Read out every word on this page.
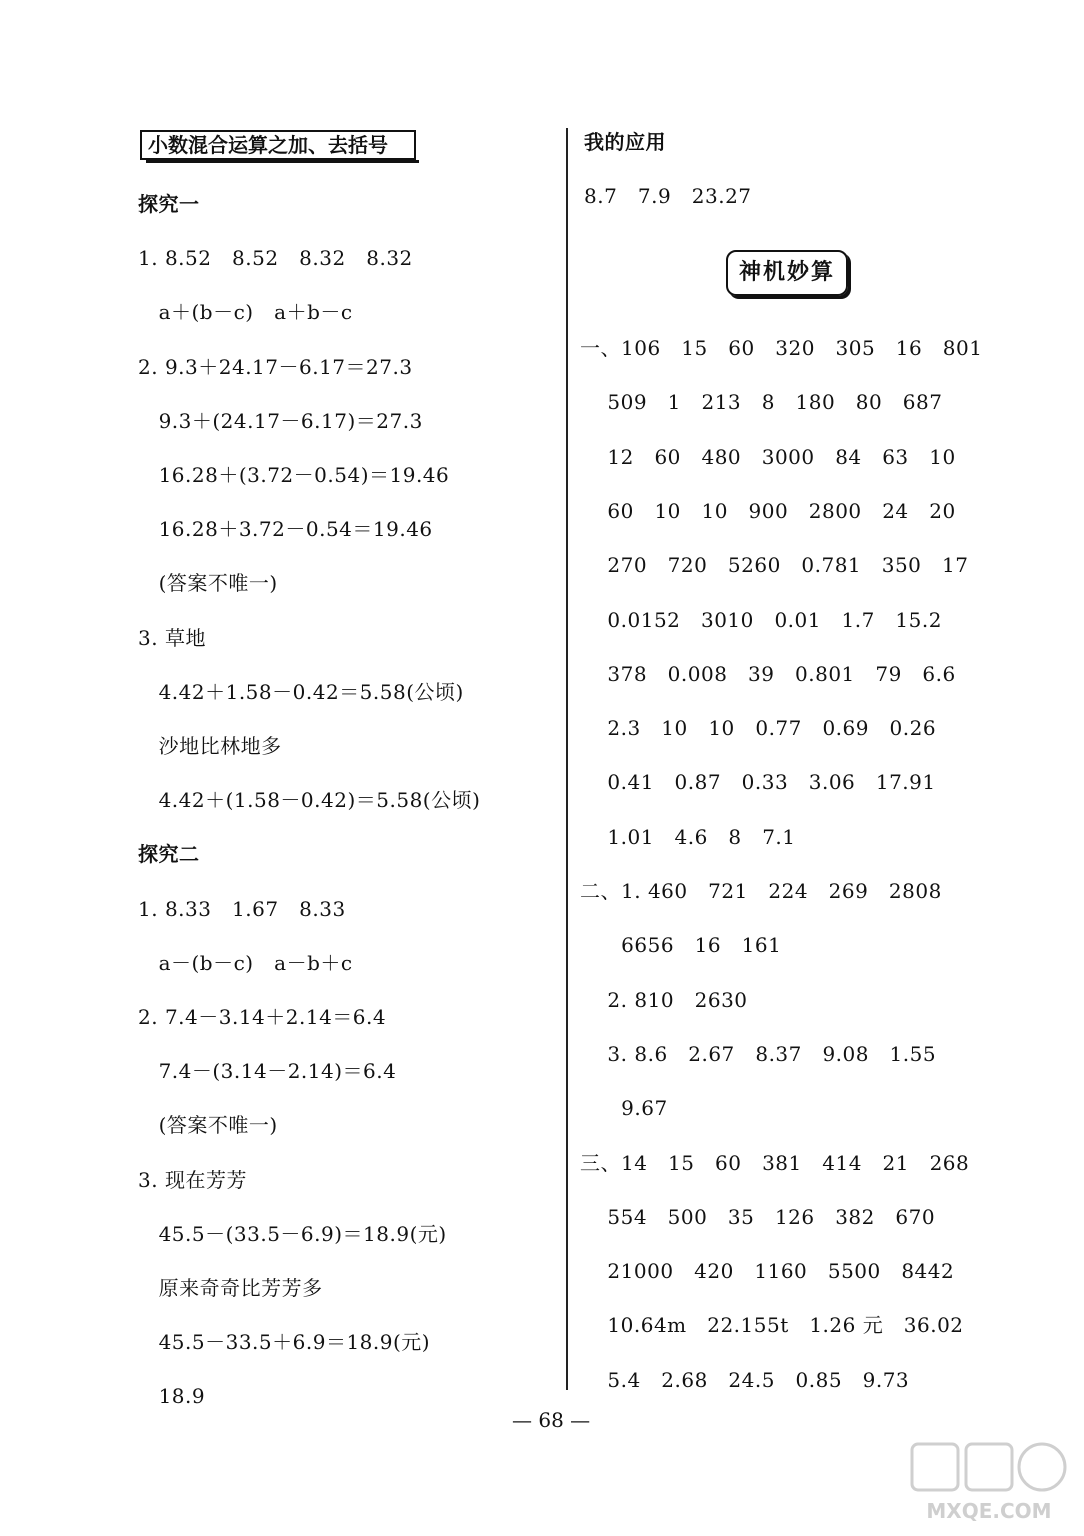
小数混合运算之加、去括号
探究一
1. 8.52   8.52   8.32   8.32
a＋(b－c)   a＋b－c
2. 9.3＋24.17－6.17＝27.3
9.3＋(24.17－6.17)＝27.3
16.28＋(3.72－0.54)＝19.46
16.28＋3.72－0.54＝19.46
(答案不唯一)
3. 草地
4.42＋1.58－0.42＝5.58(公顷)
沙地比林地多
4.42＋(1.58－0.42)＝5.58(公顷)
探究二
1. 8.33   1.67   8.33
a－(b－c)   a－b＋c
2. 7.4－3.14＋2.14＝6.4
7.4－(3.14－2.14)＝6.4
(答案不唯一)
3. 现在芳芳
45.5－(33.5－6.9)＝18.9(元)
原来奇奇比芳芳多
45.5－33.5＋6.9＝18.9(元)
18.9
我的应用
8.7   7.9   23.27
神机妙算
一、106   15   60   320   305   16   801
509   1   213   8   180   80   687
12   60   480   3000   84   63   10
60   10   10   900   2800   24   20
270   720   5260   0.781   350   17
0.0152   3010   0.01   1.7   15.2
378   0.008   39   0.801   79   6.6
2.3   10   10   0.77   0.69   0.26
0.41   0.87   0.33   3.06   17.91
1.01   4.6   8   7.1
二、1. 460   721   224   269   2808
6656   16   161
2. 810   2630
3. 8.6   2.67   8.37   9.08   1.55
9.67
三、14   15   60   381   414   21   268
554   500   35   126   382   670
21000   420   1160   5500   8442
10.64m   22.155t   1.26 元   36.02
5.4   2.68   24.5   0.85   9.73
— 68 —
MXQE.COM
